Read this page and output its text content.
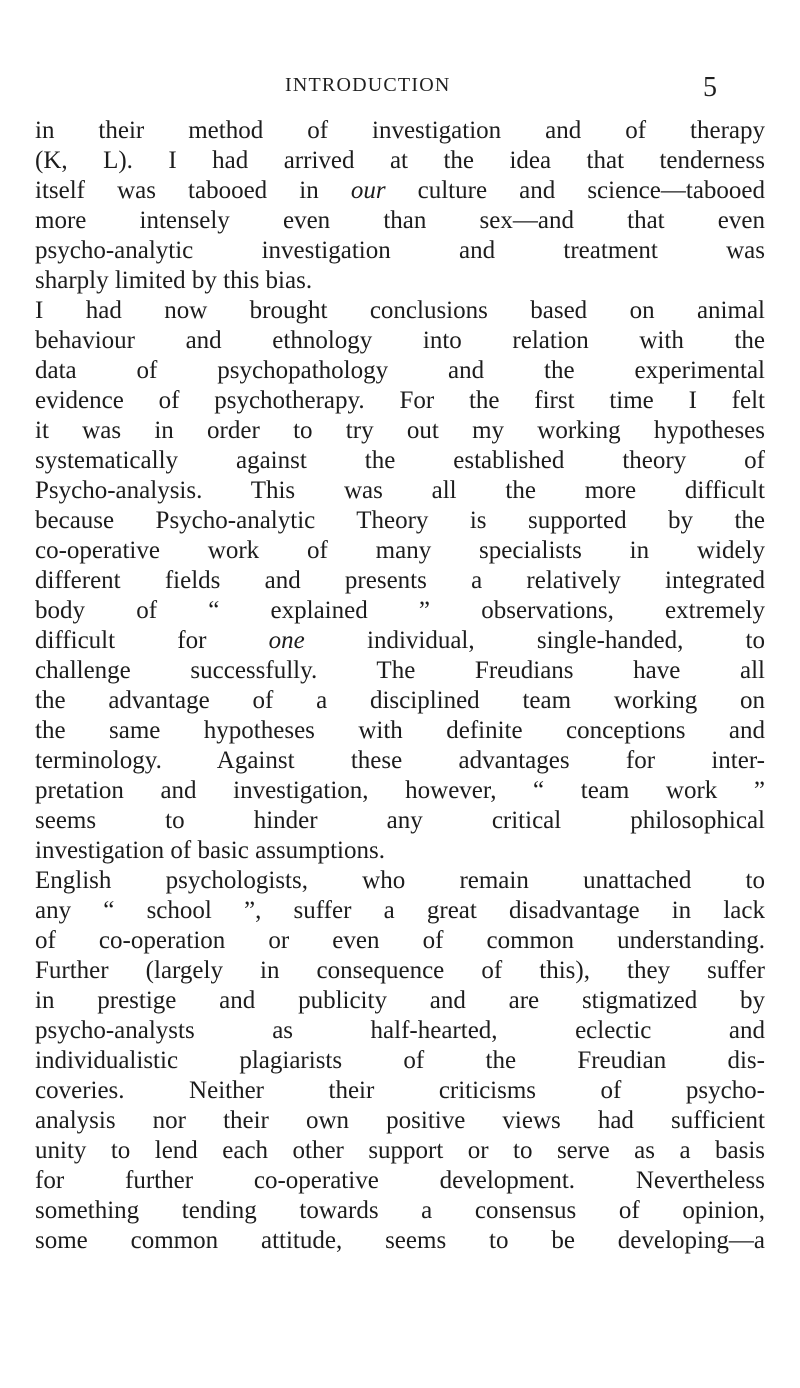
INTRODUCTION	5
in their method of investigation and of therapy
(K, L). I had arrived at the idea that tenderness
itself was tabooed in our culture and science—tabooed
more intensely even than sex—and that even
psycho-analytic investigation and treatment was
sharply limited by this bias.
I had now brought conclusions based on animal
behaviour and ethnology into relation with the
data of psychopathology and the experimental
evidence of psychotherapy. For the first time I felt
it was in order to try out my working hypotheses
systematically against the established theory of
Psycho-analysis. This was all the more difficult
because Psycho-analytic Theory is supported by the
co-operative work of many specialists in widely
different fields and presents a relatively integrated
body of “ explained ” observations, extremely
difficult for one individual, single-handed, to
challenge successfully. The Freudians have all
the advantage of a disciplined team working on
the same hypotheses with definite conceptions and
terminology. Against these advantages for inter-
pretation and investigation, however, “ team work ”
seems to hinder any critical philosophical
investigation of basic assumptions.
English psychologists, who remain unattached to
any “ school ”, suffer a great disadvantage in lack
of co-operation or even of common understanding.
Further (largely in consequence of this), they suffer
in prestige and publicity and are stigmatized by
psycho-analysts as half-hearted, eclectic and
individualistic plagiarists of the Freudian dis-
coveries. Neither their criticisms of psycho-
analysis nor their own positive views had sufficient
unity to lend each other support or to serve as a basis
for further co-operative development. Nevertheless
something tending towards a consensus of opinion,
some common attitude, seems to be developing—a
